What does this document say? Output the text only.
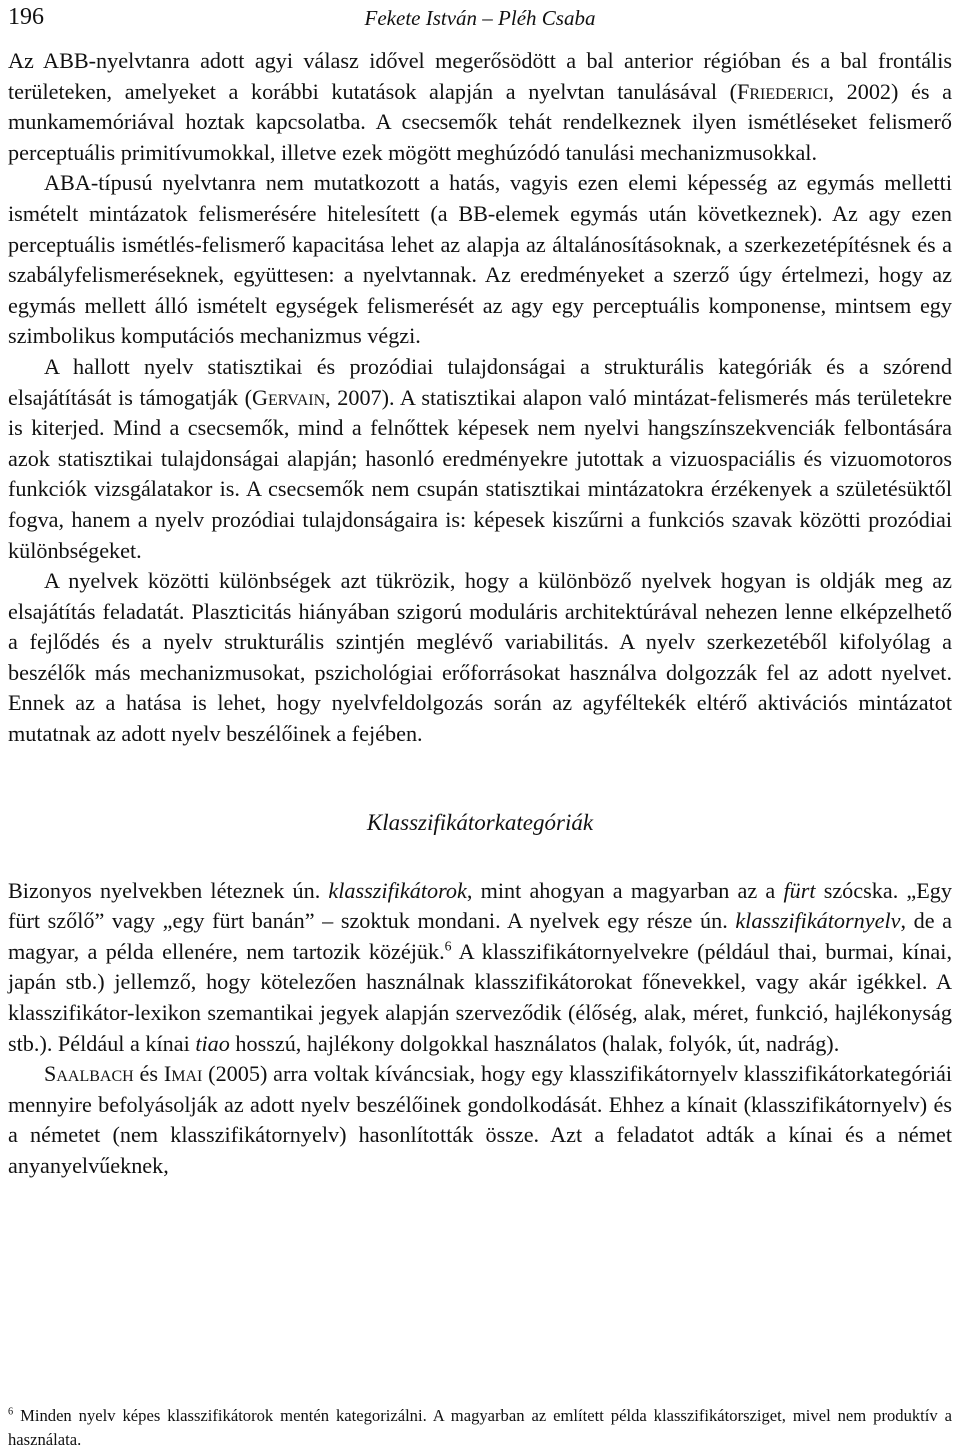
196	Fekete István – Pléh Csaba

Az ABB-nyelvtanra adott agyi válasz idővel megerősödött a bal anterior régióban és a bal frontális területeken, amelyeket a korábbi kutatások alapján a nyelvtan tanulásával (Friederici, 2002) és a munkamemóriával hoztak kapcsolatba. A csecsemők tehát rendelkeznek ilyen ismétléseket felismerő perceptuális primitívumokkal, illetve ezek mögött meghúzódó tanulási mechanizmusokkal.

ABA-típusú nyelvtanra nem mutatkozott a hatás, vagyis ezen elemi képesség az egymás melletti ismételt mintázatok felismerésére hitelesített (a BB-elemek egymás után következnek). Az agy ezen perceptuális ismétlés-felismerő kapacitása lehet az alapja az általánosításoknak, a szerkezetépítésnek és a szabályfelismeréseknek, együttesen: a nyelvtannak. Az eredményeket a szerző úgy értelmezi, hogy az egymás mellett álló ismételt egységek felismerését az agy egy perceptuális komponense, mintsem egy szimbolikus komputációs mechanizmus végzi.

A hallott nyelv statisztikai és prozódiai tulajdonságai a strukturális kategóriák és a szórend elsajátítását is támogatják (Gervain, 2007). A statisztikai alapon való mintázat-felismerés más területekre is kiterjed. Mind a csecsemők, mind a felnőttek képesek nem nyelvi hangszínszekvenciák felbontására azok statisztikai tulajdonságai alapján; hasonló eredményekre jutottak a vizuospaciális és vizuomotoros funkciók vizsgálatakor is. A csecsemők nem csupán statisztikai mintázatokra érzékenyek a születésüktől fogva, hanem a nyelv prozódiai tulajdonságaira is: képesek kiszűrni a funkciós szavak közötti prozódiai különbségeket.

A nyelvek közötti különbségek azt tükrözik, hogy a különböző nyelvek hogyan is oldják meg az elsajátítás feladatát. Plaszticitás hiányában szigorú moduláris architektúrával nehezen lenne elképzelhető a fejlődés és a nyelv strukturális szintjén meglévő variabilitás. A nyelv szerkezetéből kifolyólag a beszélők más mechanizmusokat, pszichológiai erőforrásokat használva dolgozzák fel az adott nyelvet. Ennek az a hatása is lehet, hogy nyelvfeldolgozás során az agyféltekék eltérő aktivációs mintázatot mutatnak az adott nyelv beszélőinek a fejében.

Klasszifikátorkategóriák

Bizonyos nyelvekben léteznek ún. klasszifikátorok, mint ahogyan a magyarban az a fürt szócska. „Egy fürt szőlő” vagy „egy fürt banán” – szoktuk mondani. A nyelvek egy része ún. klasszifikátornyelv, de a magyar, a példa ellenére, nem tartozik közéjük.$^6$ A klasszifikátornyelvekre (például thai, burmai, kínai, japán stb.) jellemző, hogy kötelezően használnak klasszifikátorokat főnevekkel, vagy akár igékkel. A klasszifikátor-lexikon szemantikai jegyek alapján szerveződik (élőség, alak, méret, funkció, hajlékonyság stb.). Például a kínai tiao hosszú, hajlékony dolgokkal használatos (halak, folyók, út, nadrág).

Saalbach és Imai (2005) arra voltak kíváncsiak, hogy egy klasszifikátornyelv klasszifikátorkategóriái mennyire befolyásolják az adott nyelv beszélőinek gondolkodását. Ehhez a kínait (klasszifikátornyelv) és a németet (nem klasszifikátornyelv) hasonlították össze. Azt a feladatot adták a kínai és a német anyanyelvűeknek,

$^6$ Minden nyelv képes klasszifikátorok mentén kategorizálni. A magyarban az említett példa klasszifikátorsziget, mivel nem produktív a használata.
